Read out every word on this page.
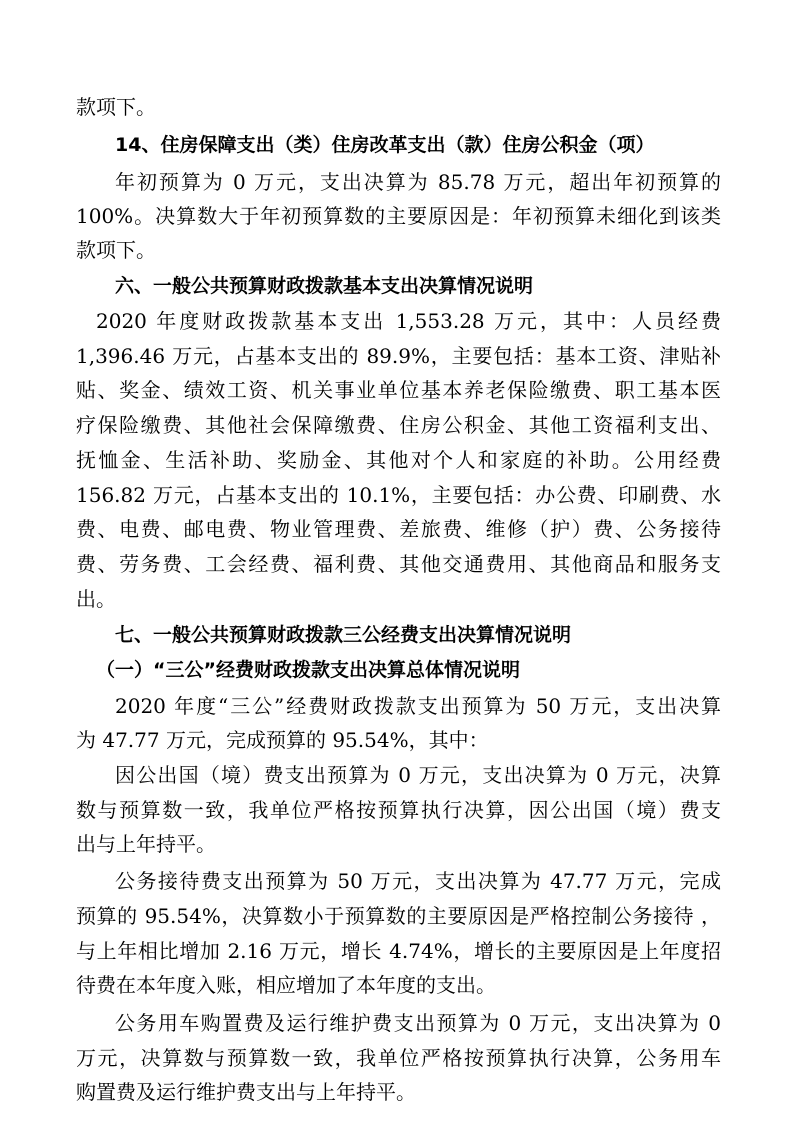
款项下。
14、住房保障支出（类）住房改革支出（款）住房公积金（项）
年初预算为 0 万元，支出决算为 85.78 万元，超出年初预算的
100%。决算数大于年初预算数的主要原因是：年初预算未细化到该类
款项下。
六、一般公共预算财政拨款基本支出决算情况说明
2020 年度财政拨款基本支出 1,553.28 万元，其中：人员经费
1,396.46 万元，占基本支出的 89.9%，主要包括：基本工资、津贴补
贴、奖金、绩效工资、机关事业单位基本养老保险缴费、职工基本医
疗保险缴费、其他社会保障缴费、住房公积金、其他工资福利支出、
抚恤金、生活补助、奖励金、其他对个人和家庭的补助。公用经费
156.82 万元，占基本支出的 10.1%，主要包括：办公费、印刷费、水
费、电费、邮电费、物业管理费、差旅费、维修（护）费、公务接待
费、劳务费、工会经费、福利费、其他交通费用、其他商品和服务支
出。
七、一般公共预算财政拨款三公经费支出决算情况说明
（一）“三公”经费财政拨款支出决算总体情况说明
2020 年度“三公”经费财政拨款支出预算为 50 万元，支出决算
为 47.77 万元，完成预算的 95.54%，其中：
因公出国（境）费支出预算为 0 万元，支出决算为 0 万元，决算
数与预算数一致，我单位严格按预算执行决算，因公出国（境）费支
出与上年持平。
公务接待费支出预算为 50 万元，支出决算为 47.77 万元，完成
预算的 95.54%，决算数小于预算数的主要原因是严格控制公务接待 ，
与上年相比增加 2.16 万元，增长 4.74%，增长的主要原因是上年度招
待费在本年度入账，相应增加了本年度的支出。
公务用车购置费及运行维护费支出预算为 0 万元，支出决算为 0
万元，决算数与预算数一致，我单位严格按预算执行决算，公务用车
购置费及运行维护费支出与上年持平。
